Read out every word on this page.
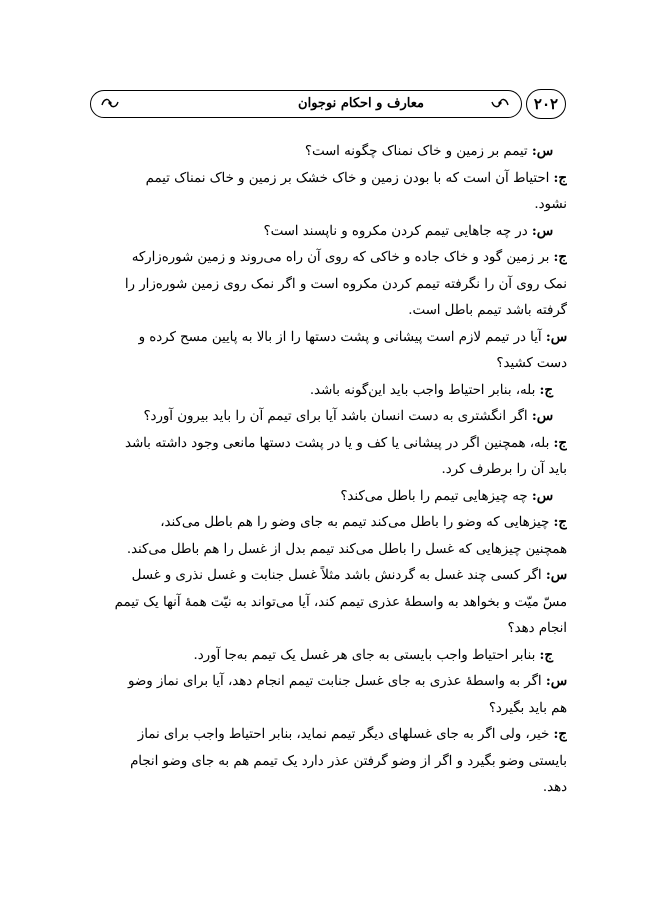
۲۰۲
معارف و احکام نوجوان
س: تیمم بر زمین و خاک نمناک چگونه است؟
ج: احتیاط آن است که با بودن زمین و خاک خشک بر زمین و خاک نمناک تیمم
نشود.
س: در چه جاهایی تیمم کردن مکروه و ناپسند است؟
ج: بر زمین گود و خاک جاده و خاکی که روی آن راه می‌روند و زمین شوره‌زارکه
نمک روی آن را نگرفته تیمم کردن مکروه است و اگر نمک روی زمین شوره‌زار را
گرفته باشد تیمم باطل است.
س: آیا در تیمم لازم است پیشانی و پشت دستها را از بالا به پایین مسح کرده و
دست کشید؟
ج: بله، بنابر احتیاط واجب باید این‌گونه باشد.
س: اگر انگشتری به دست انسان باشد آیا برای تیمم آن را باید بیرون آورد؟
ج: بله، همچنین اگر در پیشانی یا کف و یا در پشت دستها مانعی وجود داشته باشد
باید آن را برطرف کرد.
س: چه چیزهایی تیمم را باطل می‌کند؟
ج: چیزهایی که وضو را باطل می‌کند تیمم به جای وضو را هم باطل می‌کند،
همچنین چیزهایی که غسل را باطل می‌کند تیمم بدل از غسل را هم باطل می‌کند.
س: اگر کسی چند غسل به گردنش باشد مثلاً غسل جنابت و غسل نذری و غسل
مسّ میّت و بخواهد به واسطهٔ عذری تیمم کند، آیا می‌تواند به نیّت همهٔ آنها یک تیمم
انجام دهد؟
ج: بنابر احتیاط واجب بایستی به جای هر غسل یک تیمم به‌جا آورد.
س: اگر به واسطهٔ عذری به جای غسل جنابت تیمم انجام دهد، آیا برای نماز وضو
هم باید بگیرد؟
ج: خیر، ولی اگر به جای غسلهای دیگر تیمم نماید، بنابر احتیاط واجب برای نماز
بایستی وضو بگیرد و اگر از وضو گرفتن عذر دارد یک تیمم هم به جای وضو انجام
دهد.
